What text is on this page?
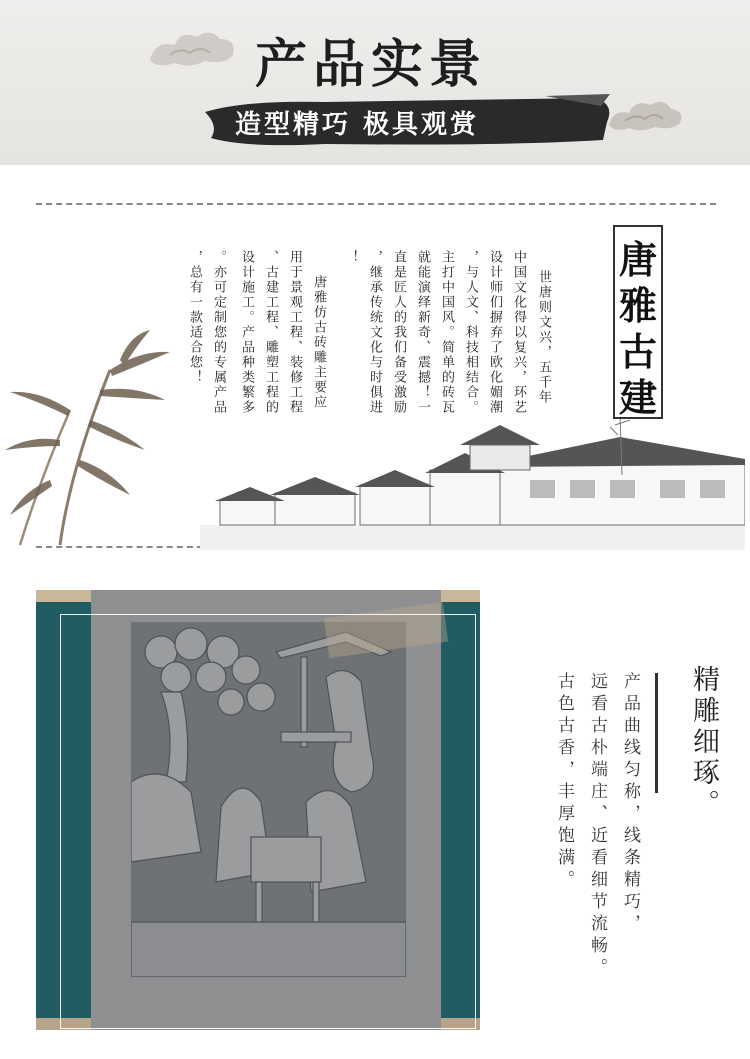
产品实景
造型精巧 极具观赏
唐
雅
古
建
世唐则文兴，五千年
中国文化得以复兴，环艺
设计师们摒弃了欧化媚潮
，与人文、科技相结合。
主打中国风。简单的砖瓦
就能演绎新奇、震撼！一
直是匠人的我们备受激励
，继承传统文化与时俱进
！
唐雅仿古砖雕主要应
用于景观工程、装修工程
、古建工程、雕塑工程的
设计施工。产品种类繁多
。亦可定制您的专属产品
，总有一款适合您！
精雕细琢。
产品曲线匀称，线条精巧，
远看古朴端庄、近看细节流畅。
古色古香，丰厚饱满。
